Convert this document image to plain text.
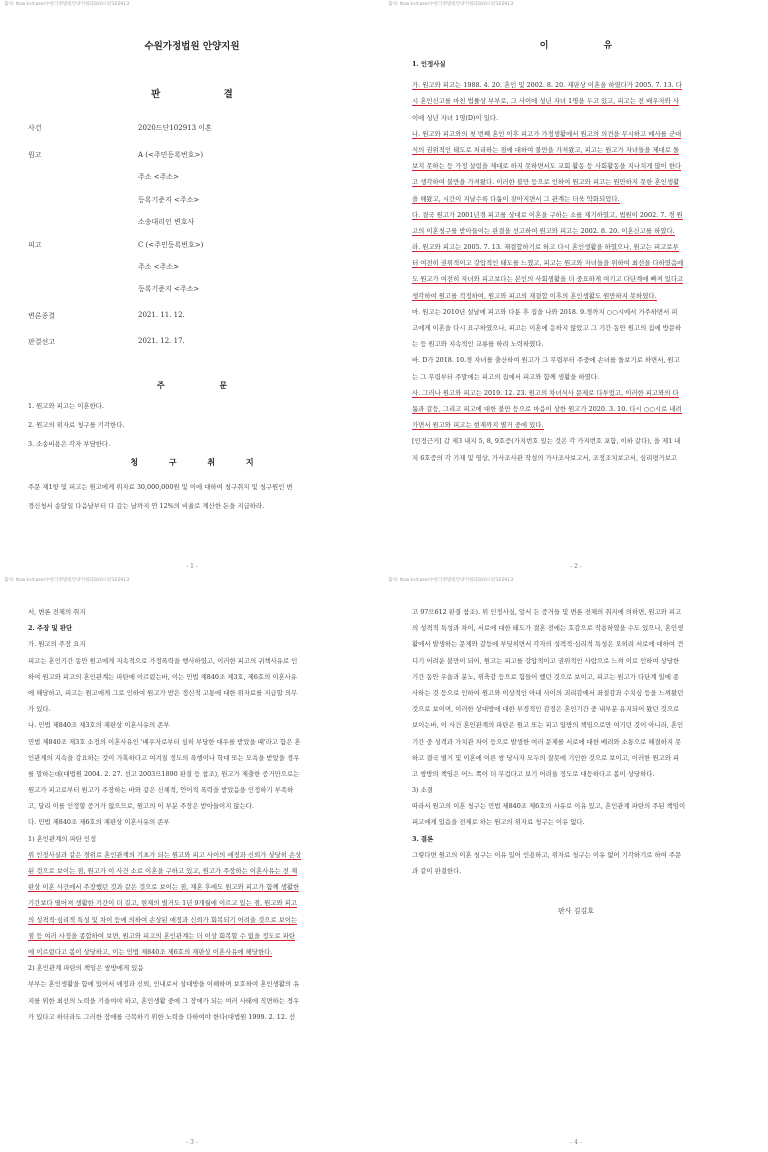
출처: lbox.kr/case/수원가정법원안양지원/2020드단102913
수원가정법원 안양지원
판 결
사건	2020드단102913 이혼
원고	A (<주민등록번호>)
주소 <주소>
등록기준지 <주소>
소송대리인 변호사
피고	C (<주민등록번호>)
주소 <주소>
등록기준지 <주소>
변론종결	2021. 11. 12.
판결선고	2021. 12. 17.
주 문
1. 원고와 피고는 이혼한다.
2. 원고의 위자료 청구를 기각한다.
3. 소송비용은 각자 부담한다.
청 구 취 지
주문 제1항 및 피고는 원고에게 위자료 30,000,000원 및 이에 대하여 청구취지 및 청구원인 변
경신청서 송달일 다음날부터 다 갚는 날까지 연 12%의 비율로 계산한 돈을 지급하라.
- 1 -
출처: lbox.kr/case/수원가정법원안양지원/2020드단102913
이 유
1. 인정사실
가. 원고와 피고는 1988. 4. 20. 혼인 및 2002. 8. 20. 재판상 이혼을 하였다가 2005. 7. 13. 다
시 혼인신고를 마친 법률상 부부로, 그 사이에 성년 자녀 1명을 두고 있고, 피고는 전 배우자와 사
이에 성년 자녀 1명(D)이 있다.
나. 원고와 피고와의 첫 번째 혼인 이후 피고가 가정생활에서 원고의 의견을 무시하고 매사를 군대
식의 권위적인 태도로 처리하는 점에 대하여 불만을 가져왔고, 피고는 원고가 자녀들을 제대로 돌
보지 못하는 등 가정 살림을 제대로 하지 못하면서도 교회 활동 등 사회활동을 지나치게 많이 한다
고 생각하여 불만을 가져왔다. 이러한 불만 등으로 인하여 원고와 피고는 원만하지 못한 혼인생활
을 해왔고, 시간이 지날수록 다툼이 잦아지면서 그 관계는 더욱 악화되었다.
다. 결국 원고가 2001년경 피고를 상대로 이혼을 구하는 소를 제기하였고, 법원이 2002. 7. 경 원
고의 이혼청구를 받아들이는 판결을 선고하여 원고와 피고는 2002. 8. 20. 이혼신고를 하였다.
라. 원고와 피고는 2005. 7. 13. 재결합하기로 하고 다시 혼인생활을 하였으나, 원고는 피고로부
터 여전히 권위적이고 강압적인 태도를 느꼈고, 피고는 원고와 자녀들을 위하여 최선을 다하였음에
도 원고가 여전히 자녀와 피고보다는 본인의 사회생활을 더 중요하게 여기고 다단계에 빠져 있다고
생각하여 원고를 걱정하여, 원고와 피고의 재결합 이후의 혼인생활도 원만하지 못하였다.
마. 원고는 2010년 설날에 피고와 다툰 후 집을 나와 2018. 9.경까지 ○○시에서 거주하면서 피
고에게 이혼을 다시 요구하였으나, 피고는 이혼에 응하지 않았고 그 기간 동안 원고의 집에 방문하
는 등 원고와 지속적인 교류를 하려 노력하였다.
바. D가 2018. 10.경 자녀를 출산하여 원고가 그 무렵부터 주중에 손녀를 돌보기로 하면서, 원고
는 그 무렵부터 주말에는 피고의 집에서 피고와 함께 생활을 하였다.
사. 그러나 원고와 피고는 2019. 12. 23. 원고의 차녀식사 문제로 다투었고, 이러한 피고와의 다
툼과 갈등, 그리고 피고에 대한 불만 등으로 마음이 상한 원고가 2020. 3. 10. 다시 ○○시로 내려
가면서 원고와 피고는 현재까지 별거 중에 있다.
[인정근거] 갑 제3 내지 5, 8, 9호증(가지번호 있는 것은 각 가지번호 포함, 이하 같다), 을 제1 내
지 6호증의 각 기재 및 영상, 가사조사관 작성의 가사조사보고서, 조정조치보고서, 심리평가보고
- 2 -
출처: lbox.kr/case/수원가정법원안양지원/2020드단102913
서, 변론 전체의 취지
2. 주장 및 판단
가. 원고의 주장 요지
피고는 혼인기간 동안 원고에게 지속적으로 가정폭력을 행사하였고, 이러한 피고의 귀책사유로 인
하여 원고와 피고의 혼인관계는 파탄에 이르렀는바, 이는 민법 제840조 제3호, 제6호의 이혼사유
에 해당하고, 피고는 원고에게 그로 인하여 원고가 받은 정신적 고통에 대한 위자료를 지급할 의무
가 있다.
나. 민법 제840조 제3호의 재판상 이혼사유의 존부
민법 제840조 제3호 소정의 이혼사유인 '배우자로부터 심히 부당한 대우를 받았을 때'라고 함은 혼
인관계의 지속을 강요하는 것이 가혹하다고 여겨질 정도의 폭행이나 학대 또는 모욕을 받았을 경우
를 말하는데(대법원 2004. 2. 27. 선고 2003므1890 판결 등 참조), 원고가 제출한 증거만으로는
원고가 피고로부터 원고가 주장하는 바와 같은 신체적, 언어적 폭력을 받았음을 인정하기 부족하
고, 달리 이를 인정할 증거가 없으므로, 원고의 이 부분 주장은 받아들이지 않는다.
다. 민법 제840조 제6호의 재판상 이혼사유의 존부
1) 혼인관계의 파탄 인정
위 인정사실과 같은 경위로 혼인관계의 기초가 되는 원고와 피고 사이의 애정과 신뢰가 상당히 손상
된 것으로 보이는 점, 원고가 이 사건 소로 이혼을 구하고 있고, 원고가 주장하는 이혼사유는 전 재
판상 이혼 사건에서 주장했던 것과 같은 것으로 보이는 점, 재혼 후에도 원고와 피고가 함께 생활한
기간보다 떨어져 생활한 기간이 더 길고, 현재의 별거도 1년 9개월에 이르고 있는 점, 원고와 피고
의 성격적·심리적 특성 및 차이 등에 의하여 손상된 애정과 신뢰가 회복되기 어려울 것으로 보이는
점 등 여러 사정을 종합하여 보면, 원고와 피고의 혼인관계는 더 이상 회복할 수 없을 정도로 파탄
에 이르렀다고 봄이 상당하고, 이는 민법 제840조 제6호의 재판상 이혼사유에 해당한다.
2) 혼인관계 파탄의 책임은 쌍방에게 있음
부부는 혼인생활을 함에 있어서 애정과 신뢰, 인내로서 상대방을 이해하며 보호하여 혼인생활의 유
지를 위한 최선의 노력을 기울여야 하고, 혼인생활 중에 그 장애가 되는 여러 사태에 직면하는 경우
가 있다고 하더라도 그러한 장애를 극복하기 위한 노력을 다하여야 한다(대법원 1999. 2. 12. 선
- 3 -
출처: lbox.kr/case/수원가정법원안양지원/2020드단102913
고 97므612 판결 참조). 위 인정사실, 앞서 든 증거들 및 변론 전체의 취지에 의하면, 원고와 피고
의 성격적 특성과 차이, 서로에 대한 태도가 결혼 전에는 호감으로 작용하였을 수도 있으나, 혼인생
활에서 발생하는 문제와 갈등에 부딪히면서 각자의 성격적·심리적 특성은 오히려 서로에 대하여 견
디기 어려운 불만이 되어, 원고는 피고를 강압적이고 권위적인 사람으로 느껴 이로 인하여 상당한
기간 동안 우울과 분노, 위축감 등으로 힘들어 했던 것으로 보이고, 피고는 원고가 다단계 일에 종
사하는 것 등으로 인하여 원고와 이상적인 아내 사이의 괴리감에서 좌절감과 수치심 등을 느껴왔던
것으로 보이며, 이러한 상대방에 대한 부정적인 감정은 혼인기간 중 내부분 유지되어 왔던 것으로
보이는바, 이 사건 혼인관계의 파탄은 원고 또는 피고 일방의 책임으로만 여기던 것이 아니라, 혼인
기간 중 성격과 가치관 차이 등으로 발생한 여러 문제를 서로에 대한 배려와 소통으로 해결하지 못
하고 결국 별거 및 이혼에 이른 쌍 당사자 모두의 잘못에 기인한 것으로 보이고, 이러한 원고와 피
고 쌍방의 책임은 어느 쪽이 더 무겁다고 보기 어려울 정도로 대등하다고 봄이 상당하다.
3) 소결
따라서 원고의 이혼 청구는 민법 제840조 제6호의 사유로 이유 있고, 혼인관계 파탄의 주된 책임이
피고에게 있음을 전제로 하는 원고의 위자료 청구는 이유 없다.
3. 결론
그렇다면 원고의 이혼 청구는 이유 있어 인용하고, 위자료 청구는 이유 없어 기각하기로 하여 주문
과 같이 판결한다.
판사 김김호
- 4 -
